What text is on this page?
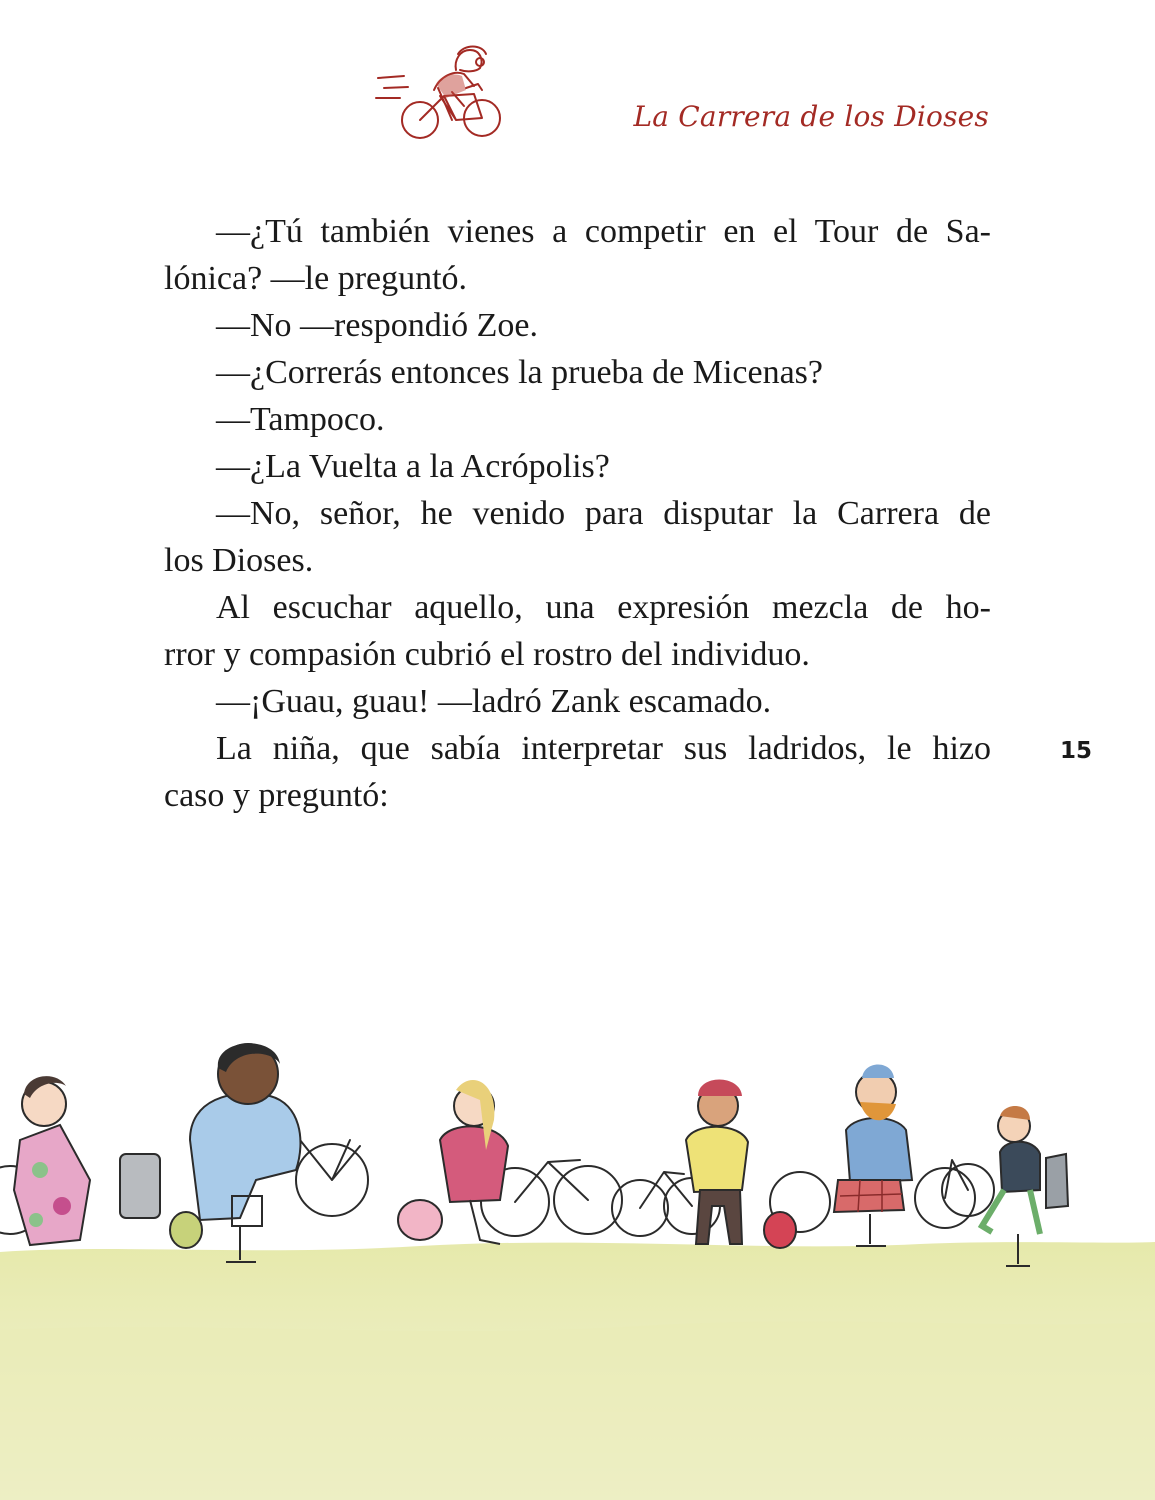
La Carrera de los Dioses
—¿Tú también vienes a competir en el Tour de Sa-
lónica? —le preguntó.
—No —respondió Zoe.
—¿Correrás entonces la prueba de Micenas?
—Tampoco.
—¿La Vuelta a la Acrópolis?
—No, señor, he venido para disputar la Carrera de
los Dioses.
Al escuchar aquello, una expresión mezcla de ho-
rror y compasión cubrió el rostro del individuo.
—¡Guau, guau! —ladró Zank escamado.
La niña, que sabía interpretar sus ladridos, le hizo
caso y preguntó:
15
